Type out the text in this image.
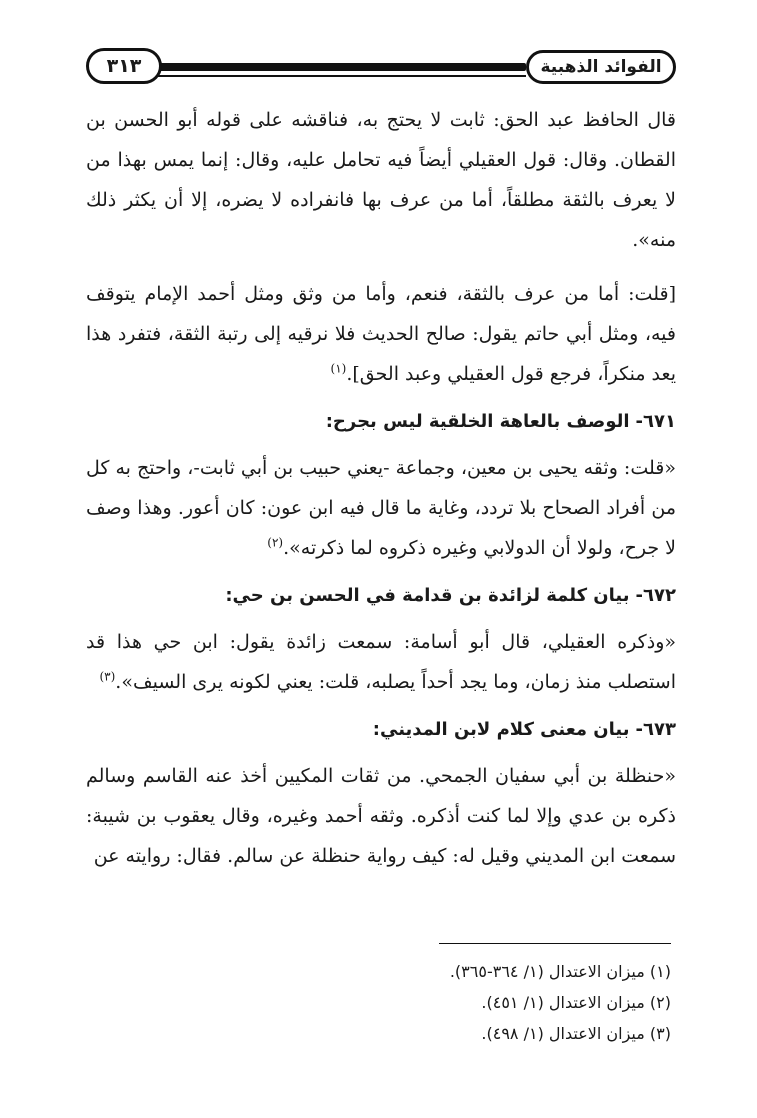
الفوائد الذهبية
٣١٣

قال الحافظ عبد الحق: ثابت لا يحتج به، فناقشه على قوله أبو الحسن بن القطان. وقال: قول العقيلي أيضاً فيه تحامل عليه، وقال: إنما يمس بهذا من لا يعرف بالثقة مطلقاً، أما من عرف بها فانفراده لا يضره، إلا أن يكثر ذلك منه».

[قلت: أما من عرف بالثقة، فنعم، وأما من وثق ومثل أحمد الإمام يتوقف فيه، ومثل أبي حاتم يقول: صالح الحديث فلا نرقيه إلى رتبة الثقة، فتفرد هذا يعد منكراً، فرجع قول العقيلي وعبد الحق].$^{(١)}$

٦٧١-الوصف بالعاهة الخلقية ليس بجرح:

«قلت: وثقه يحيى بن معين، وجماعة -يعني حبيب بن أبي ثابت-، واحتج به كل من أفراد الصحاح بلا تردد، وغاية ما قال فيه ابن عون: كان أعور. وهذا وصف لا جرح، ولولا أن الدولابي وغيره ذكروه لما ذكرته».$^{(٢)}$

٦٧٢-بيان كلمة لزائدة بن قدامة في الحسن بن حي:

«وذكره العقيلي، قال أبو أسامة: سمعت زائدة يقول: ابن حي هذا قد استصلب منذ زمان، وما يجد أحداً يصلبه، قلت: يعني لكونه يرى السيف».$^{(٣)}$

٦٧٣-بيان معنى كلام لابن المديني:

«حنظلة بن أبي سفيان الجمحي. من ثقات المكيين أخذ عنه القاسم وسالم ذكره بن عدي وإلا لما كنت أذكره. وثقه أحمد وغيره، وقال يعقوب بن شيبة: سمعت ابن المديني وقيل له: كيف رواية حنظلة عن سالم. فقال: روايته عن

(١) ميزان الاعتدال (١/ ٣٦٤-٣٦٥).

(٢) ميزان الاعتدال (١/ ٤٥١).

(٣) ميزان الاعتدال (١/ ٤٩٨).
